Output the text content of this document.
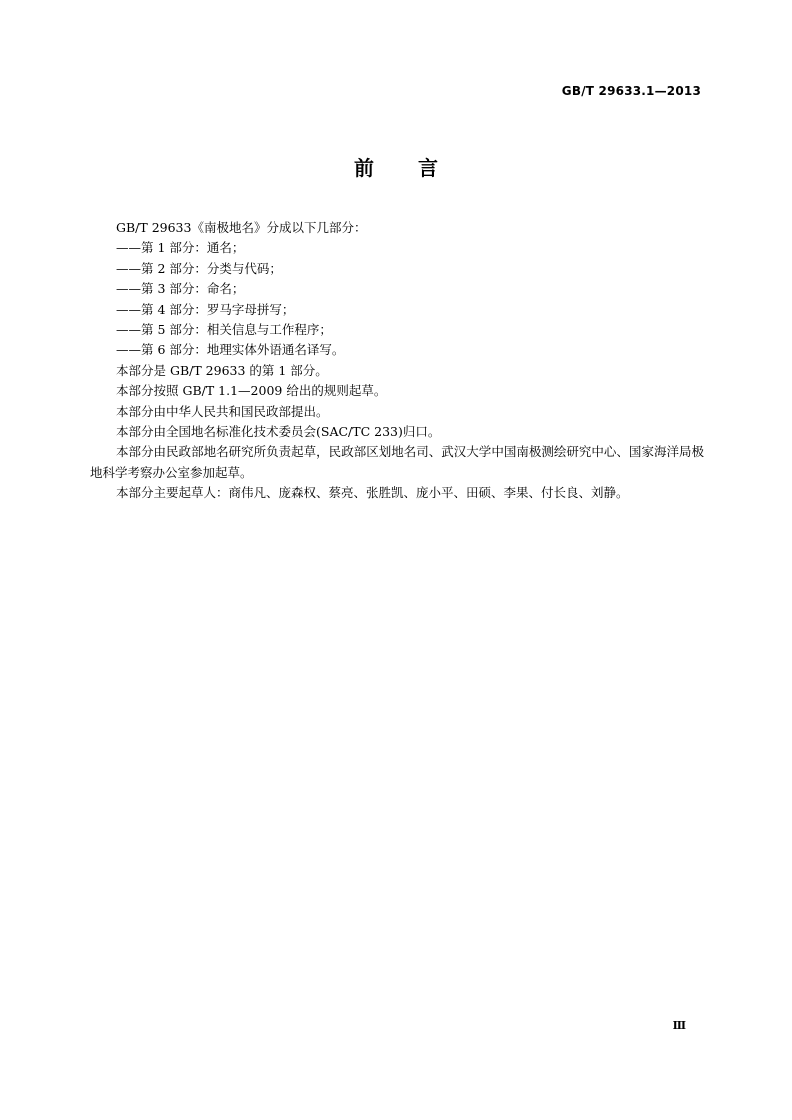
GB/T 29633.1—2013
前言

GB/T 29633《南极地名》分成以下几部分：

——第 1 部分：通名；

——第 2 部分：分类与代码；

——第 3 部分：命名；

——第 4 部分：罗马字母拼写；

——第 5 部分：相关信息与工作程序；

——第 6 部分：地理实体外语通名译写。

本部分是 GB/T 29633 的第 1 部分。

本部分按照 GB/T 1.1—2009 给出的规则起草。

本部分由中华人民共和国民政部提出。

本部分由全国地名标准化技术委员会(SAC/TC 233)归口。

本部分由民政部地名研究所负责起草，民政部区划地名司、武汉大学中国南极测绘研究中心、国家海洋局极地科学考察办公室参加起草。

本部分主要起草人：商伟凡、庞森权、蔡亮、张胜凯、庞小平、田硕、李果、付长良、刘静。

Ⅲ
